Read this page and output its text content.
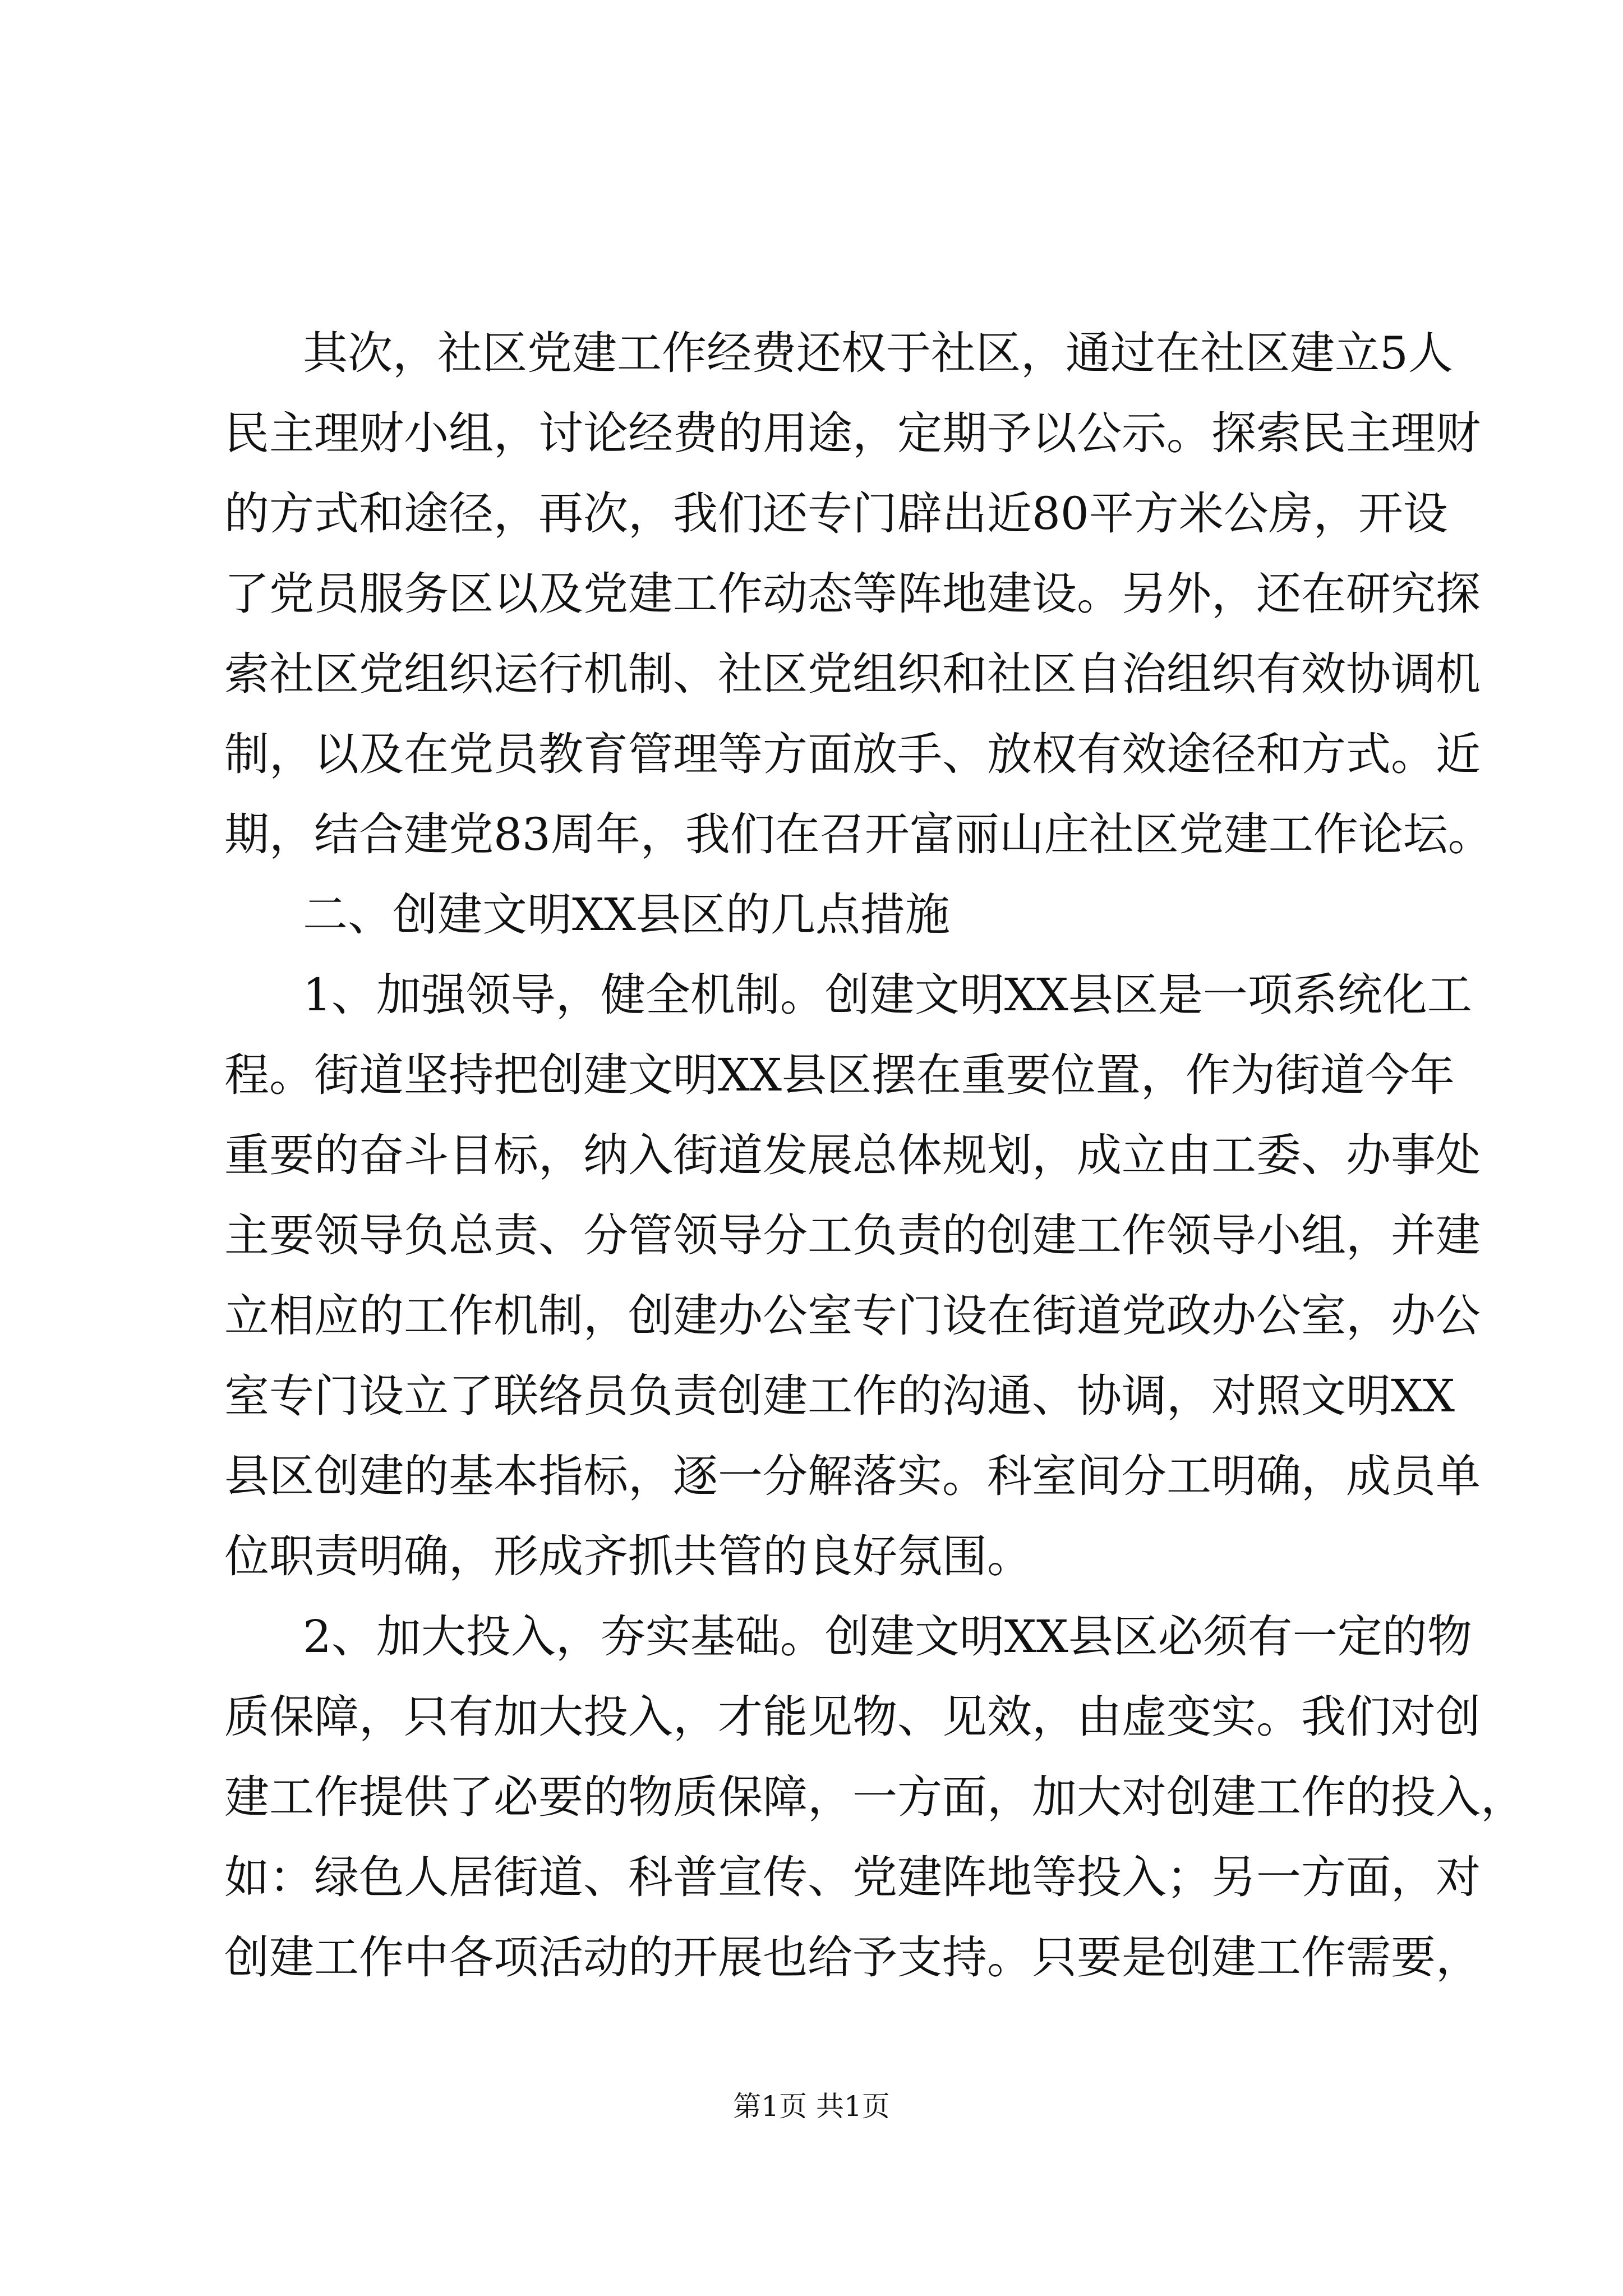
其次，社区党建工作经费还权于社区，通过在社区建立5人
民主理财小组，讨论经费的用途，定期予以公示。探索民主理财
的方式和途径，再次，我们还专门辟出近80平方米公房，开设
了党员服务区以及党建工作动态等阵地建设。另外，还在研究探
索社区党组织运行机制、社区党组织和社区自治组织有效协调机
制，以及在党员教育管理等方面放手、放权有效途径和方式。近
期，结合建党83周年，我们在召开富丽山庄社区党建工作论坛。
二、创建文明XX县区的几点措施
1、加强领导，健全机制。创建文明XX县区是一项系统化工
程。街道坚持把创建文明XX县区摆在重要位置，作为街道今年
重要的奋斗目标，纳入街道发展总体规划，成立由工委、办事处
主要领导负总责、分管领导分工负责的创建工作领导小组，并建
立相应的工作机制，创建办公室专门设在街道党政办公室，办公
室专门设立了联络员负责创建工作的沟通、协调，对照文明XX
县区创建的基本指标，逐一分解落实。科室间分工明确，成员单
位职责明确，形成齐抓共管的良好氛围。
2、加大投入，夯实基础。创建文明XX县区必须有一定的物
质保障，只有加大投入，才能见物、见效，由虚变实。我们对创
建工作提供了必要的物质保障，一方面，加大对创建工作的投入，
如：绿色人居街道、科普宣传、党建阵地等投入；另一方面，对
创建工作中各项活动的开展也给予支持。只要是创建工作需要，
第1页 共1页
